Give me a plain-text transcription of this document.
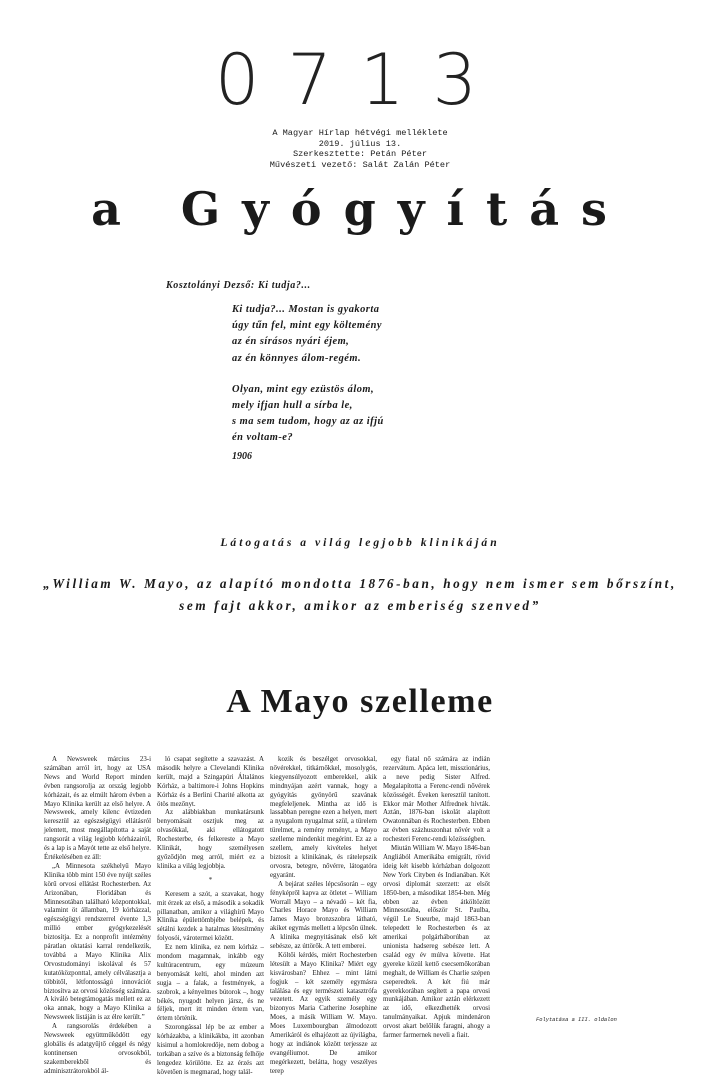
0713
A Magyar Hírlap hétvégi melléklete
2019. július 13.
Szerkesztette: Petán Péter
Művészeti vezető: Salát Zalán Péter
a Gyógyítás
Kosztolányi Dezső: Ki tudja?...
Ki tudja?... Mostan is gyakorta
úgy tűn fel, mint egy költemény
az én sírásos nyári éjem,
az én könnyes álom-regém.
Olyan, mint egy ezüstös álom,
mely ifjan hull a sírba le,
s ma sem tudom, hogy az az ifjú
én voltam-e?
1906
Látogatás a világ legjobb klinikáján
„William W. Mayo, az alapító mondotta 1876-ban, hogy nem ismer sem bőrszínt, sem fajt akkor, amikor az emberiség szenved”
A Mayo szelleme

A Newsweek március 23-i számában arról írt, hogy az USA News and World Report minden évben rangsorolja az ország legjobb kórházait, és az elmúlt három évben a Mayo Klinika került az első helyre. A Newsweek, amely kilenc évtizeden keresztül az egészségügyi ellátásról jelentett, most megállapította a saját rangsorát a világ legjobb kórházairól, és a lap is a Mayót tette az első helyre. Értékelésében ez áll:

„A Minnesota székhelyű Mayo Klinika több mint 150 éve nyújt széles körű orvosi ellátást Rochesterben. Az Arizonában, Floridában és Minnesotában található központokkal, valamint öt államban, 19 kórházzal, egészségügyi rendszerrel évente 1,3 millió ember gyógykezelését biztosítja. Ez a nonprofit intézmény páratlan oktatási karral rendelkezik, továbbá a Mayo Klinika Alix Orvostudományi iskolával és 57 kutatóközponttal, amely célválasztja a többitől, létfontosságú innovációt biztosítva az orvosi közösség számára. A kiváló betegtámogatás mellett ez az oka annak, hogy a Mayo Klinika a Newsweek listáján is az élre került.”

A rangsorolás érdekében a Newsweek együttműködött egy globális és adatgyűjtő céggel és négy kontinensen orvosokból, szakemberekből és adminisztrátorokból ál-

ló csapat segítette a szavazást. A második helyre a Clevelandi Klinika került, majd a Szingapúri Általános Kórház, a baltimore-i Johns Hopkins Kórház és a Berlini Charité alkotta az ötös mezőnyt.

Az alábbiakban munkatársunk benyomásait osztjuk meg az olvasókkal, aki ellátogatott Rochesterbe, és felkereste a Mayo Klinikát, hogy személyesen győződjön meg arról, miért ez a klinika a világ legjobbja.

*

Keresem a szót, a szavakat, hogy mit érzek az első, a második a sokadik pillanatban, amikor a világhírű Mayo Klinika épülettömbjébe belépek, és sétálni kezdek a hatalmas létesítmény folyosói, várotermei között.

Ez nem klinika, ez nem kórház – mondom magamnak, inkább egy kultúracentrum, egy múzeum benyomását kelti, ahol minden azt sugja – a falak, a festmények, a szobrok, a kényelmes bútorok –, hogy békés, nyugodt helyen jársz, és ne féljek, mert itt minden értem van, értem történik.

Szorongással lép be az ember a kórházakba, a klinikákba, itt azonban kisimul a homlokredője, nem dobog a torkában a szíve és a biztonság felhője lengedez körülötte. Ez az érzés azt követően is megmarad, hogy talál-

kozik és beszélget orvosokkal, nővérekkel, titkárnőkkel, mosolygós, kiegyensúlyozott emberekkel, akik mindnyájan azért vannak, hogy a gyógyítás gyönyörű szavának megfeleljenek. Mintha az idő is lassabban peregne ezen a helyen, mert a nyugalom nyugalmat szül, a türelem türelmet, a remény reményt, a Mayo szelleme mindenkit megérint. Ez az a szellem, amely kivételes helyet biztosít a klinikának, és rátelepszik orvosra, betegre, nővérre, látogatóra egyaránt.

A bejárat széles lépcsősorán – egy fényképről kapva az ötletet – William Worrall Mayo – a névadó – két fia, Charles Horace Mayo és William James Mayo bronzszobra látható, akiket egymás mellett a lépcsőn ülnek. A klinika megnyitásának első két sebésze, az úttörők. A tett emberei.

Költői kérdés, miért Rochesterben létesült a Mayo Klinika? Miért egy kisvárosban? Ehhez – mint látni fogjuk – két személy egymásra találása és egy természeti katasztrófa vezetett. Az egyik személy egy bizonyos Maria Catherine Josephine Moes, a másik William W. Mayo. Moes Luxembourgban álmodozott Amerikáról és elhajózott az újvilágba, hogy az indiánok között terjessze az evangéliumot. De amikor megérkezett, belátta, hogy veszélyes terep

egy fiatal nő számára az indián rezervátum. Apáca lett, misszionárius, a neve pedig Sister Alfred. Megalapította a Ferenc-rendi nővérek közösségét. Éveken keresztül tanított. Ekkor már Mother Alfrednek hívták. Aztán, 1876-ban iskolát alapított Owatonnában és Rochesterben. Ebben az évben százhuszonhat nővér volt a rochesteri Ferenc-rendi közösségben.

Miután William W. Mayo 1846-ban Angliából Amerikába emigrált, rövid ideig két kisebb kórházban dolgozott New York Cityben és Indianában. Két orvosi diplomát szerzett: az elsőt 1850-ben, a másodikat 1854-ben. Még ebben az évben átköltözött Minnesotába, először St. Paulba, végül Le Sueurbe, majd 1863-ban telepedett le Rochesterben és az amerikai polgárháborúban az unionista hadsereg sebésze lett. A család egy év múlva követte. Hat gyereke közül kettő csecsemőkorában meghalt, de William és Charlie szépen cseperedtek. A két fiú már gyerekkorában segített a papa orvosi munkájában. Amikor aztán elérkezett az idő, elkezdhették orvosi tanulmányaikat. Apjuk mindenáron orvost akart belőlük faragni, ahogy a farmer farmernek neveli a fiait.

Folytatása a III. oldalon
